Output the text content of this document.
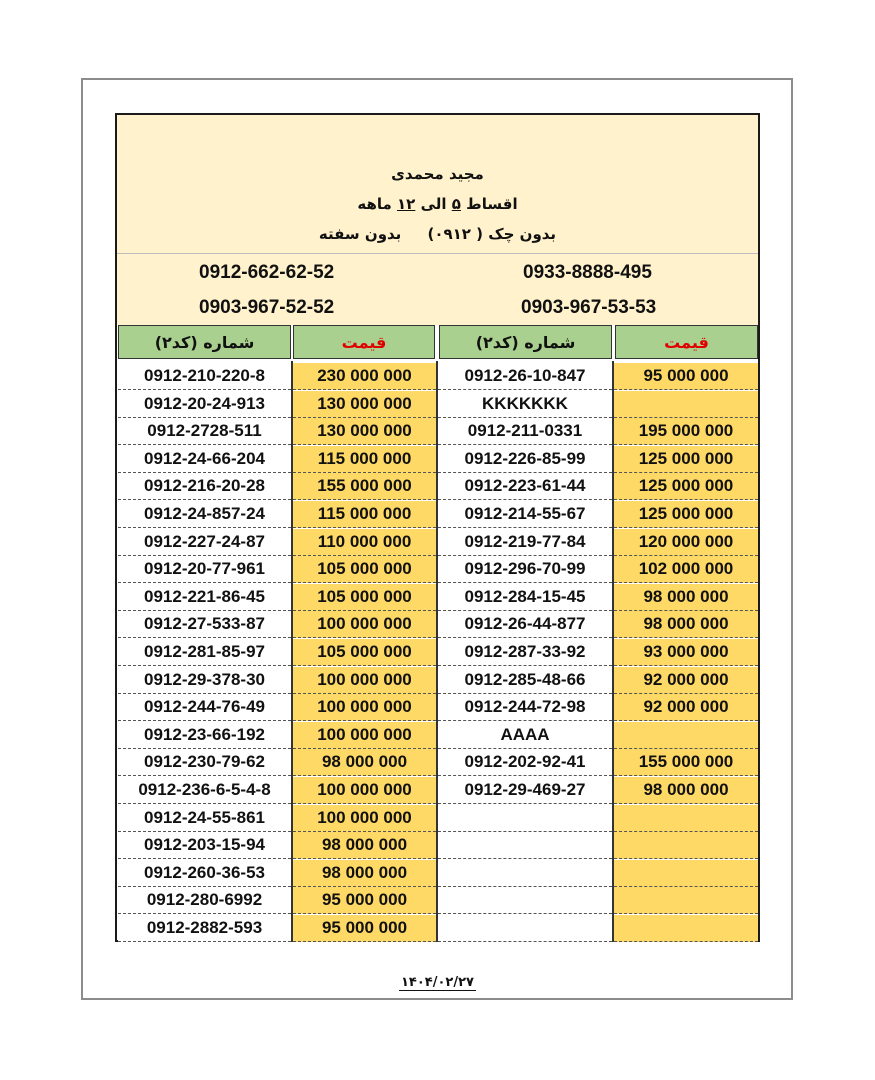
مجید محمدی
اقساط ۵ الی ۱۲ ماهه
بدون چک ( ۰۹۱۲)     بدون سفته
0912-662-62-52	0933-8888-495
0903-967-52-52	0903-967-53-53
شماره (کد۲)	قیمت	شماره (کد۲)	قیمت
0912-210-220-8	230 000 000	0912-26-10-847	95 000 000
0912-20-24-913	130 000 000	KKKKKKK
0912-2728-511	130 000 000	0912-211-0331	195 000 000
0912-24-66-204	115 000 000	0912-226-85-99	125 000 000
0912-216-20-28	155 000 000	0912-223-61-44	125 000 000
0912-24-857-24	115 000 000	0912-214-55-67	125 000 000
0912-227-24-87	110 000 000	0912-219-77-84	120 000 000
0912-20-77-961	105 000 000	0912-296-70-99	102 000 000
0912-221-86-45	105 000 000	0912-284-15-45	98 000 000
0912-27-533-87	100 000 000	0912-26-44-877	98 000 000
0912-281-85-97	105 000 000	0912-287-33-92	93 000 000
0912-29-378-30	100 000 000	0912-285-48-66	92 000 000
0912-244-76-49	100 000 000	0912-244-72-98	92 000 000
0912-23-66-192	100 000 000	AAAA
0912-230-79-62	98 000 000	0912-202-92-41	155 000 000
0912-236-6-5-4-8	100 000 000	0912-29-469-27	98 000 000
0912-24-55-861	100 000 000
0912-203-15-94	98 000 000
0912-260-36-53	98 000 000
0912-280-6992	95 000 000
0912-2882-593	95 000 000
۱۴۰۴/۰۲/۲۷
